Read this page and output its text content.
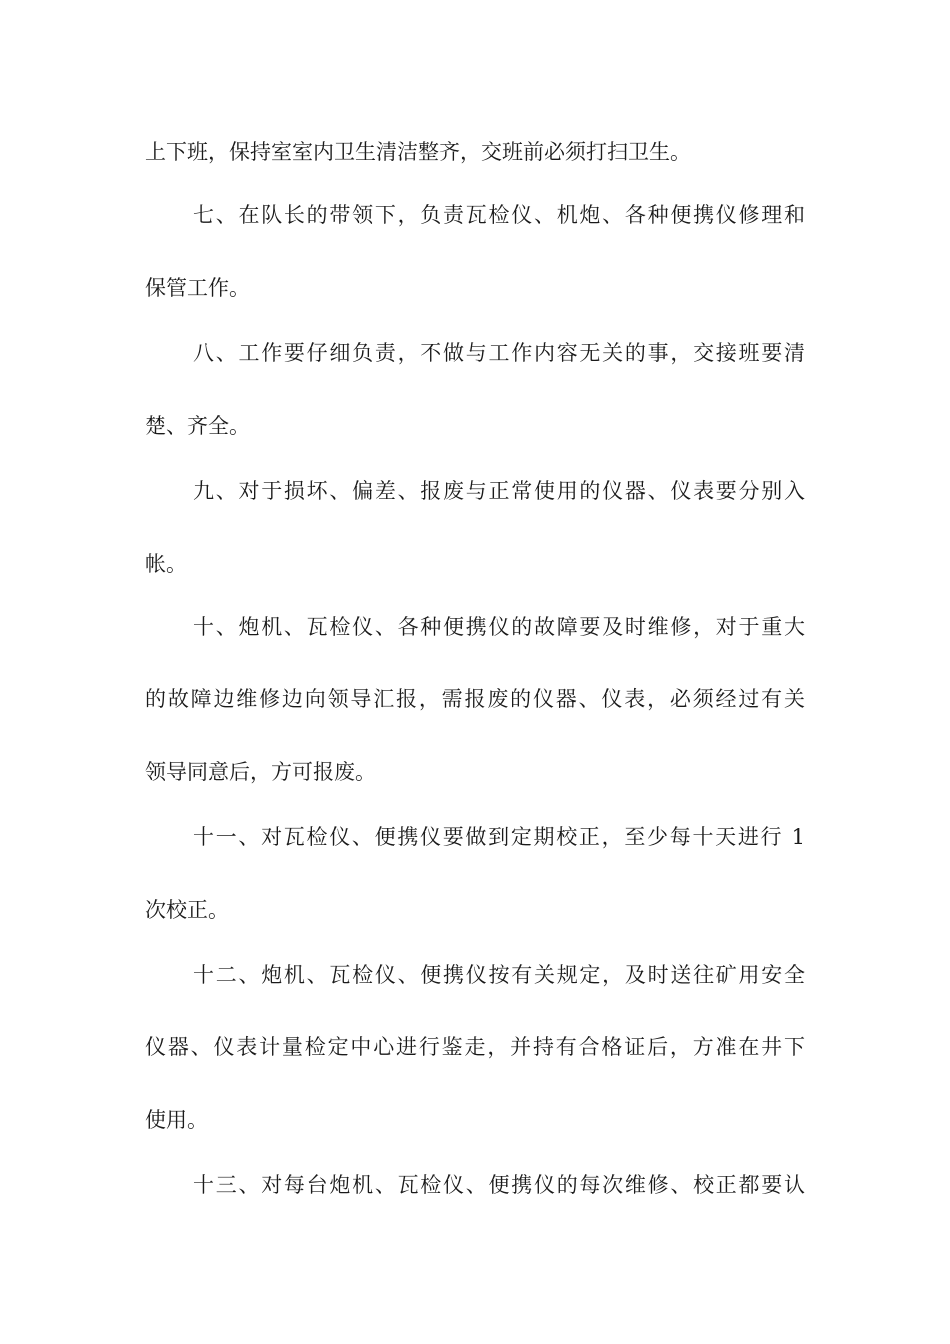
上下班，保持室室内卫生清洁整齐，交班前必须打扫卫生。
七、在队长的带领下，负责瓦检仪、机炮、各种便携仪修理和
保管工作。
八、工作要仔细负责，不做与工作内容无关的事，交接班要清
楚、齐全。
九、对于损坏、偏差、报废与正常使用的仪器、仪表要分别入
帐。
十、炮机、瓦检仪、各种便携仪的故障要及时维修，对于重大
的故障边维修边向领导汇报，需报废的仪器、仪表，必须经过有关
领导同意后，方可报废。
十一、对瓦检仪、便携仪要做到定期校正，至少每十天进行 1
次校正。
十二、炮机、瓦检仪、便携仪按有关规定，及时送往矿用安全
仪器、仪表计量检定中心进行鉴走，并持有合格证后，方准在井下
使用。
十三、对每台炮机、瓦检仪、便携仪的每次维修、校正都要认
